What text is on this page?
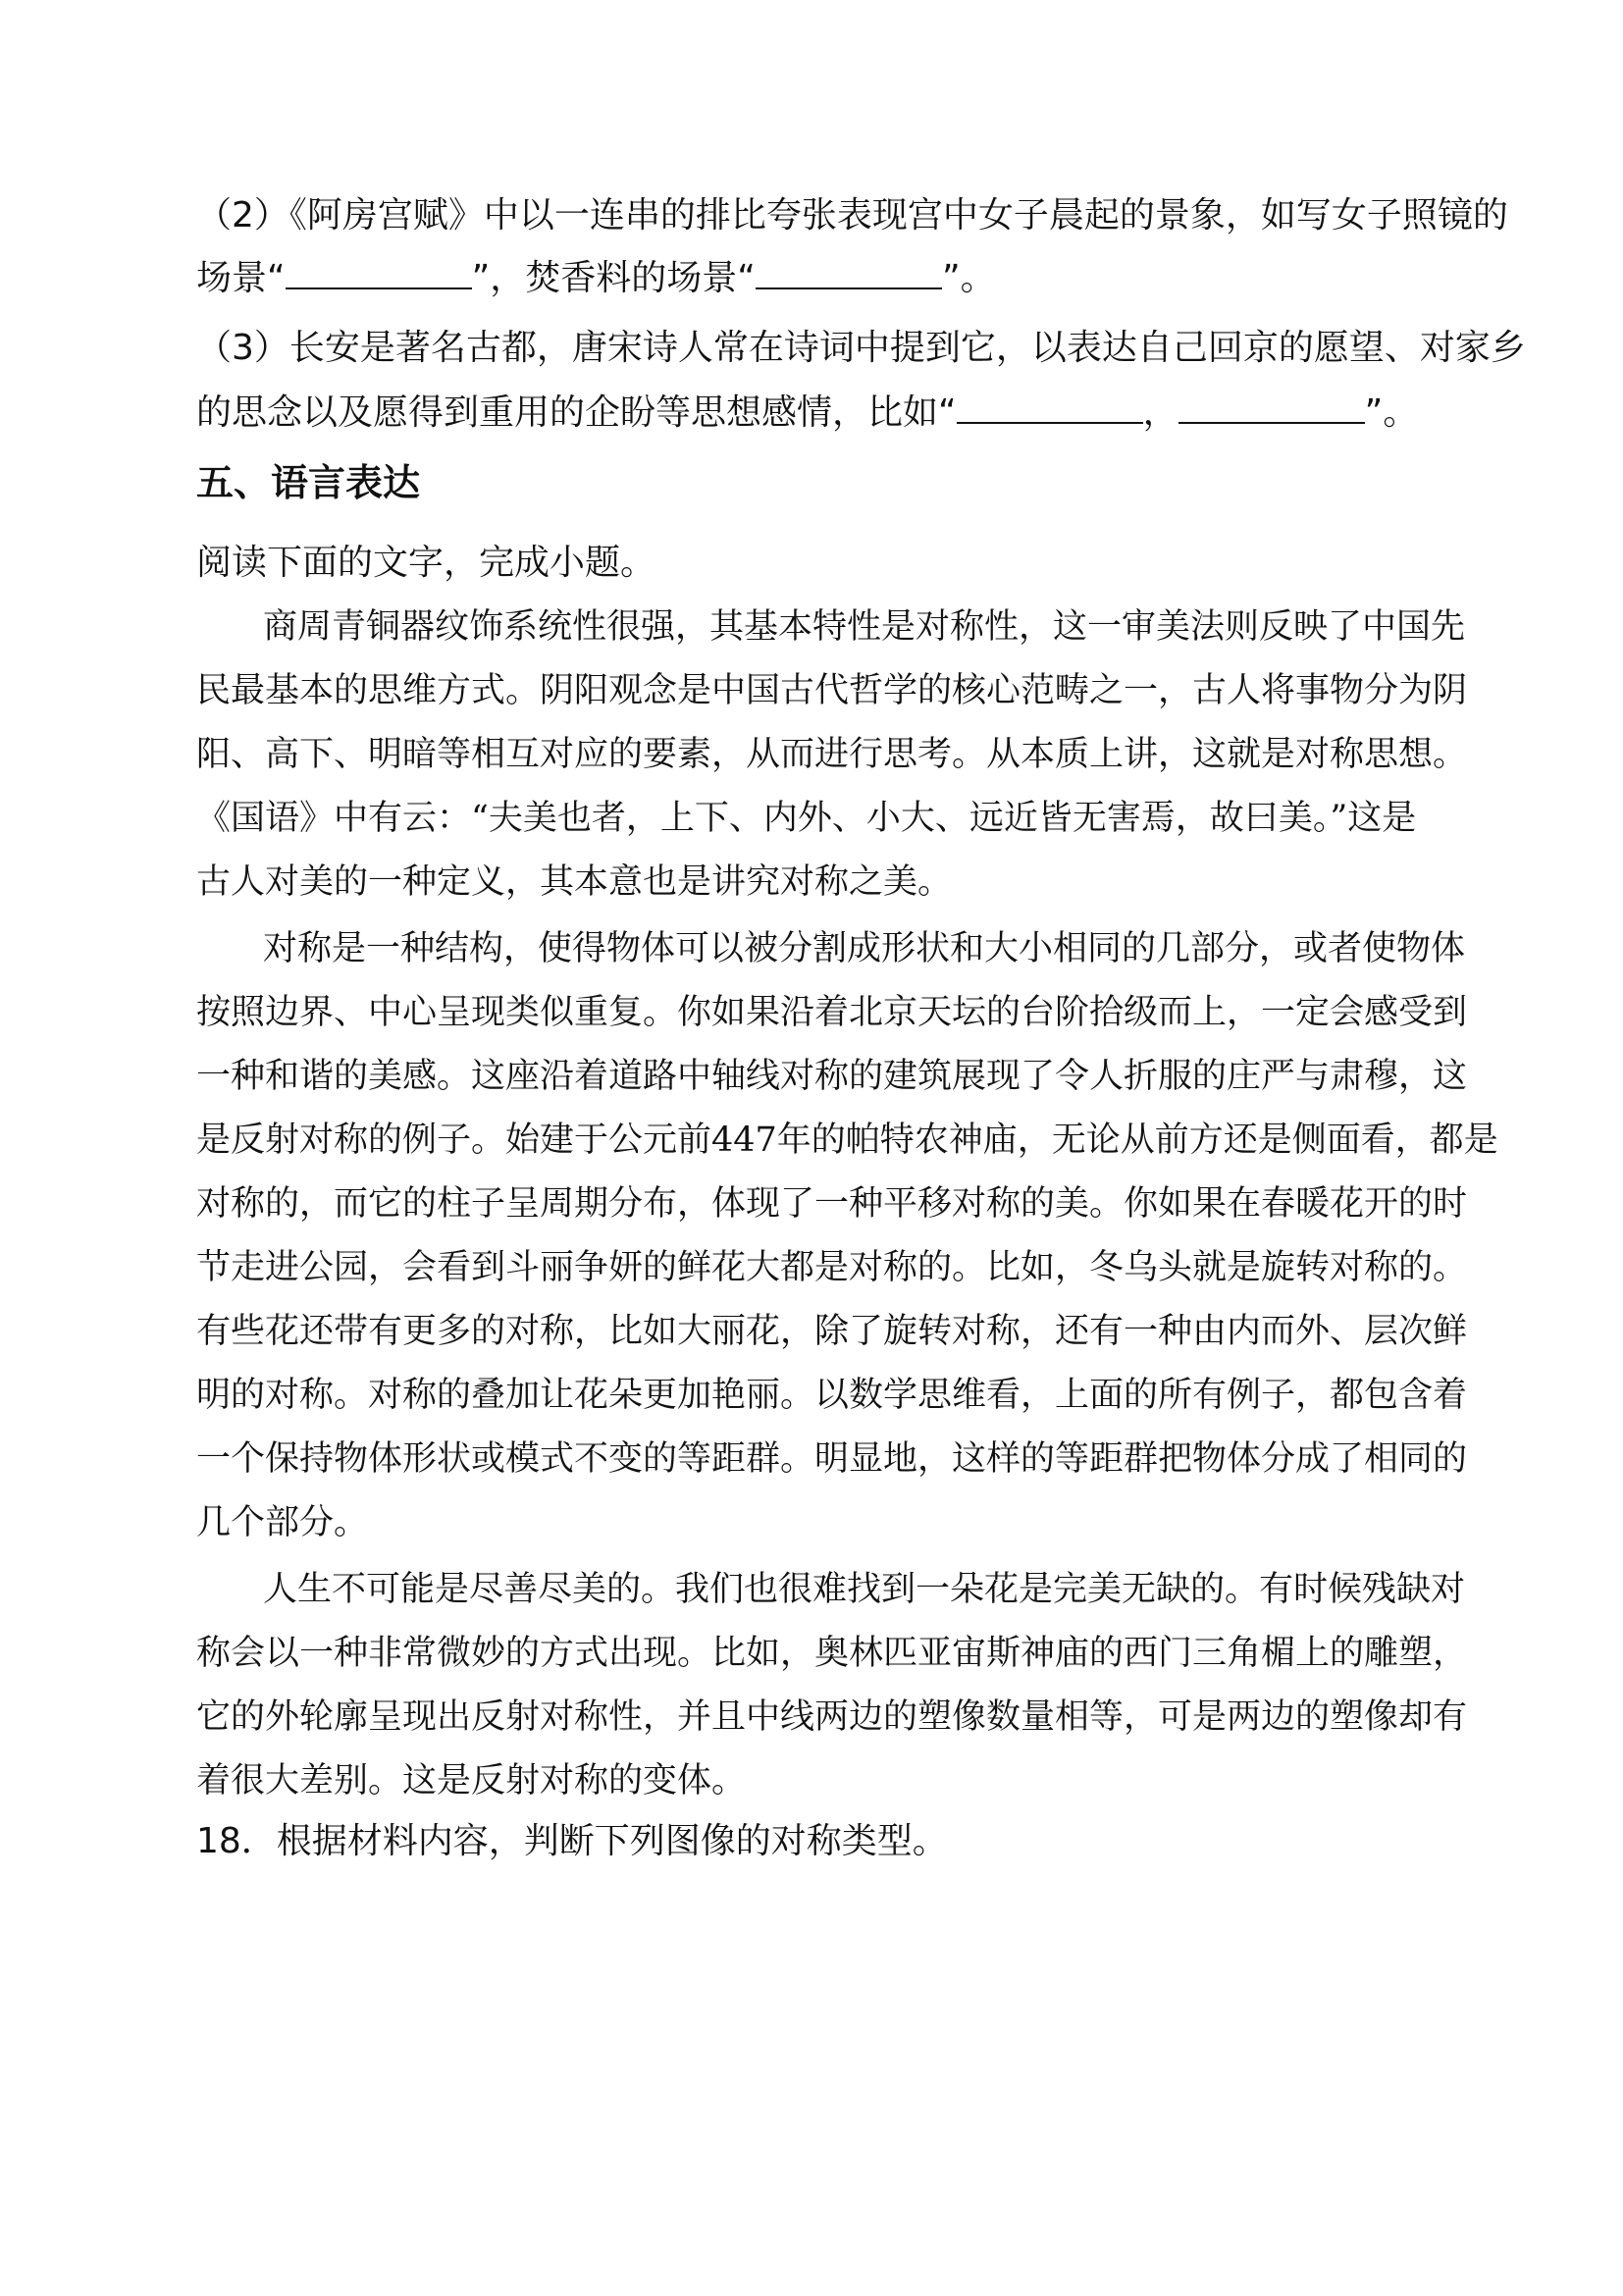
（2）《阿房宫赋》中以一连串的排比夸张表现宫中女子晨起的景象，如写女子照镜的
场景“	”，焚香料的场景“	”。
（3）长安是著名古都，唐宋诗人常在诗词中提到它，以表达自己回京的愿望、对家乡
的思念以及愿得到重用的企盼等思想感情，比如“	，	”。
五、语言表达
阅读下面的文字，完成小题。
商周青铜器纹饰系统性很强，其基本特性是对称性，这一审美法则反映了中国先
民最基本的思维方式。阴阳观念是中国古代哲学的核心范畴之一，古人将事物分为阴
阳、高下、明暗等相互对应的要素，从而进行思考。从本质上讲，这就是对称思想。
《国语》中有云：“夫美也者，上下、内外、小大、远近皆无害焉，故曰美。”这是
古人对美的一种定义，其本意也是讲究对称之美。
对称是一种结构，使得物体可以被分割成形状和大小相同的几部分，或者使物体
按照边界、中心呈现类似重复。你如果沿着北京天坛的台阶拾级而上，一定会感受到
一种和谐的美感。这座沿着道路中轴线对称的建筑展现了令人折服的庄严与肃穆，这
是反射对称的例子。始建于公元前447年的帕特农神庙，无论从前方还是侧面看，都是
对称的，而它的柱子呈周期分布，体现了一种平移对称的美。你如果在春暖花开的时
节走进公园，会看到斗丽争妍的鲜花大都是对称的。比如，冬乌头就是旋转对称的。
有些花还带有更多的对称，比如大丽花，除了旋转对称，还有一种由内而外、层次鲜
明的对称。对称的叠加让花朵更加艳丽。以数学思维看，上面的所有例子，都包含着
一个保持物体形状或模式不变的等距群。明显地，这样的等距群把物体分成了相同的
几个部分。
人生不可能是尽善尽美的。我们也很难找到一朵花是完美无缺的。有时候残缺对
称会以一种非常微妙的方式出现。比如，奥林匹亚宙斯神庙的西门三角楣上的雕塑，
它的外轮廓呈现出反射对称性，并且中线两边的塑像数量相等，可是两边的塑像却有
着很大差别。这是反射对称的变体。
18．根据材料内容，判断下列图像的对称类型。
